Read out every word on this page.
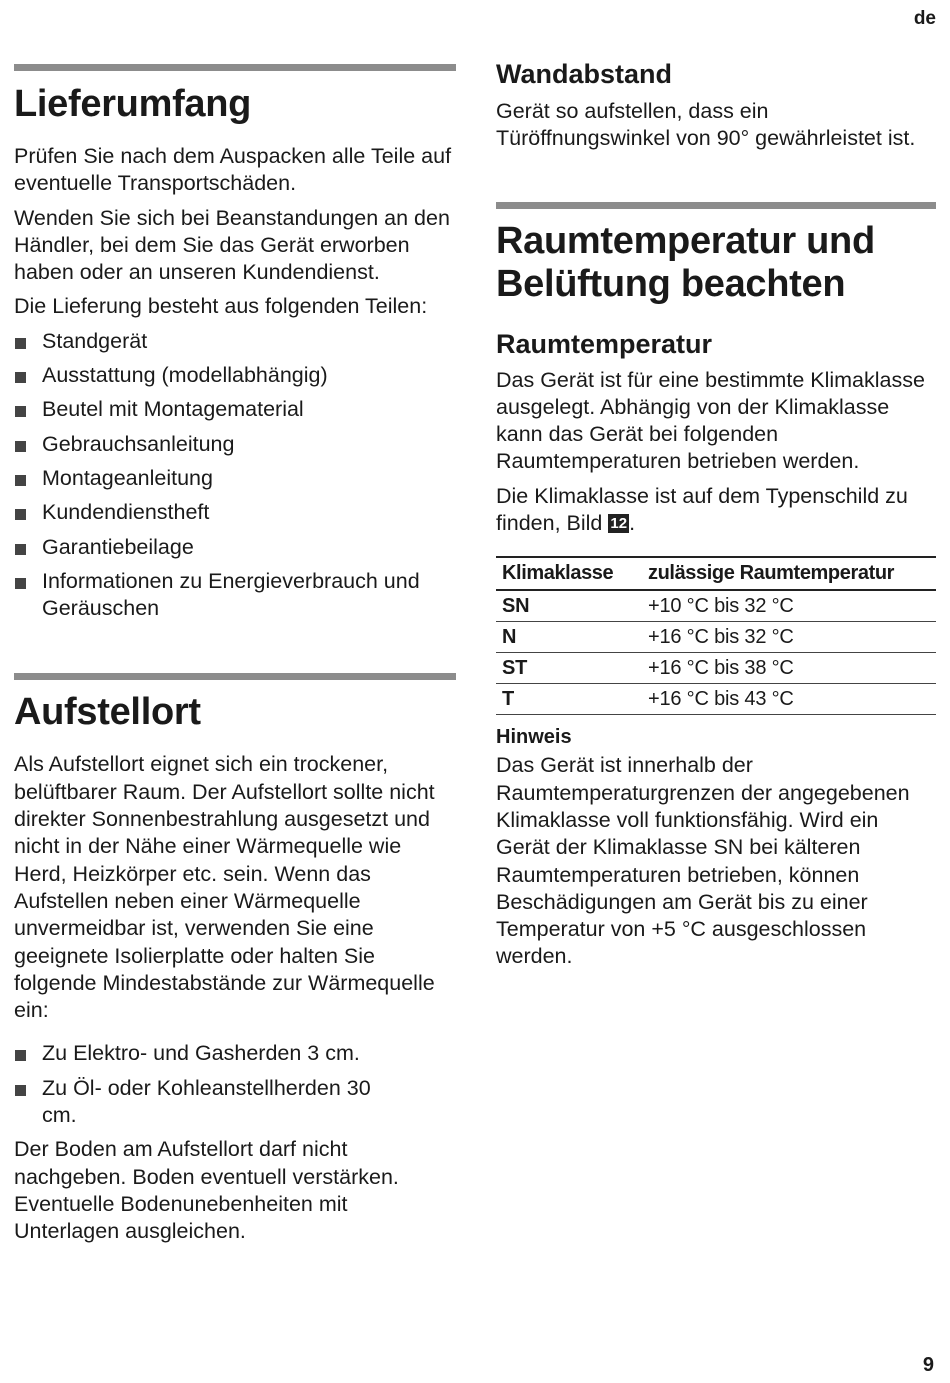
de
Lieferumfang

Prüfen Sie nach dem Auspacken alle Teile auf eventuelle Transportschäden.

Wenden Sie sich bei Beanstandungen an den Händler, bei dem Sie das Gerät erworben haben oder an unseren Kundendienst.

Die Lieferung besteht aus folgenden Teilen:

Standgerät
Ausstattung (modellabhängig)
Beutel mit Montagematerial
Gebrauchsanleitung
Montageanleitung
Kundendienstheft
Garantiebeilage
Informationen zu Energieverbrauch und Geräuschen
Aufstellort

Als Aufstellort eignet sich ein trockener, belüftbarer Raum. Der Aufstellort sollte nicht direkter Sonnenbestrahlung ausgesetzt und nicht in der Nähe einer Wärmequelle wie Herd, Heizkörper etc. sein. Wenn das Aufstellen neben einer Wärmequelle unvermeidbar ist, verwenden Sie eine geeignete Isolierplatte oder halten Sie folgende Mindestabstände zur Wärmequelle ein:

Zu Elektro- und Gasherden 3 cm.
Zu Öl- oder Kohleanstellherden 30 cm.

Der Boden am Aufstellort darf nicht nachgeben. Boden eventuell verstärken. Eventuelle Bodenunebenheiten mit Unterlagen ausgleichen.

Wandabstand

Gerät so aufstellen, dass ein Türöffnungswinkel von 90° gewährleistet ist.

Raumtemperatur und Belüftung beachten
Raumtemperatur

Das Gerät ist für eine bestimmte Klimaklasse ausgelegt. Abhängig von der Klimaklasse kann das Gerät bei folgenden Raumtemperaturen betrieben werden.

Die Klimaklasse ist auf dem Typenschild zu finden, Bild 12.

Klimaklasse	zulässige Raumtemperatur
SN	+10 °C bis 32 °C
N	+16 °C bis 32 °C
ST	+16 °C bis 38 °C
T	+16 °C bis 43 °C
Hinweis

Das Gerät ist innerhalb der Raumtemperaturgrenzen der angegebenen Klimaklasse voll funktionsfähig. Wird ein Gerät der Klimaklasse SN bei kälteren Raumtemperaturen betrieben, können Beschädigungen am Gerät bis zu einer Temperatur von +5 °C ausgeschlossen werden.

9
